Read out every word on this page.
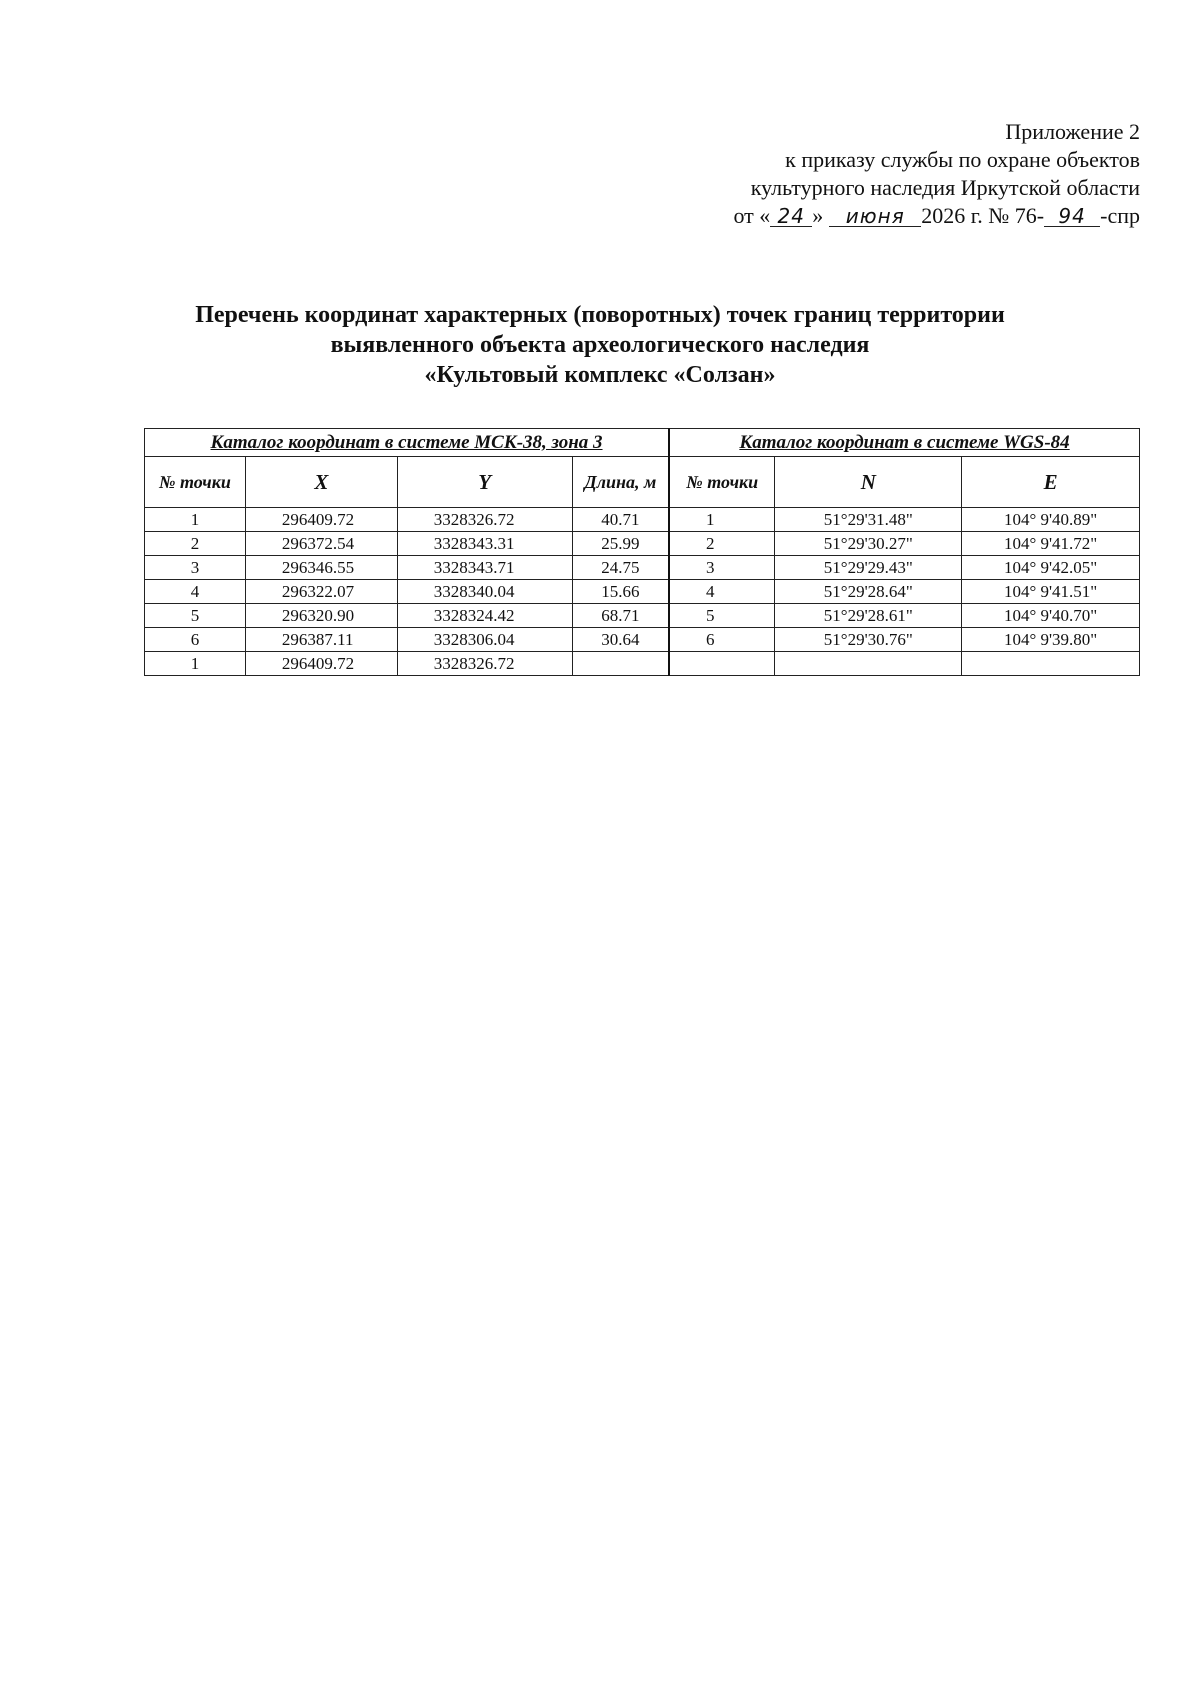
Приложение 2
к приказу службы по охране объектов
культурного наследия Иркутской области
от « 24 » июня 2026 г. № 76- 94 -спр
Перечень координат характерных (поворотных) точек границ территории
выявленного объекта археологического наследия
«Культовый комплекс «Солзан»
Каталог координат в системе МСК-38, зона 3				Каталог координат в системе WGS-84		
№ точки	X	Y	Длина, м	№ точки	N	E
1	296409.72	3328326.72	40.71	1	51°29'31.48"	104° 9'40.89"
2	296372.54	3328343.31	25.99	2	51°29'30.27"	104° 9'41.72"
3	296346.55	3328343.71	24.75	3	51°29'29.43"	104° 9'42.05"
4	296322.07	3328340.04	15.66	4	51°29'28.64"	104° 9'41.51"
5	296320.90	3328324.42	68.71	5	51°29'28.61"	104° 9'40.70"
6	296387.11	3328306.04	30.64	6	51°29'30.76"	104° 9'39.80"
1	296409.72	3328326.72				
